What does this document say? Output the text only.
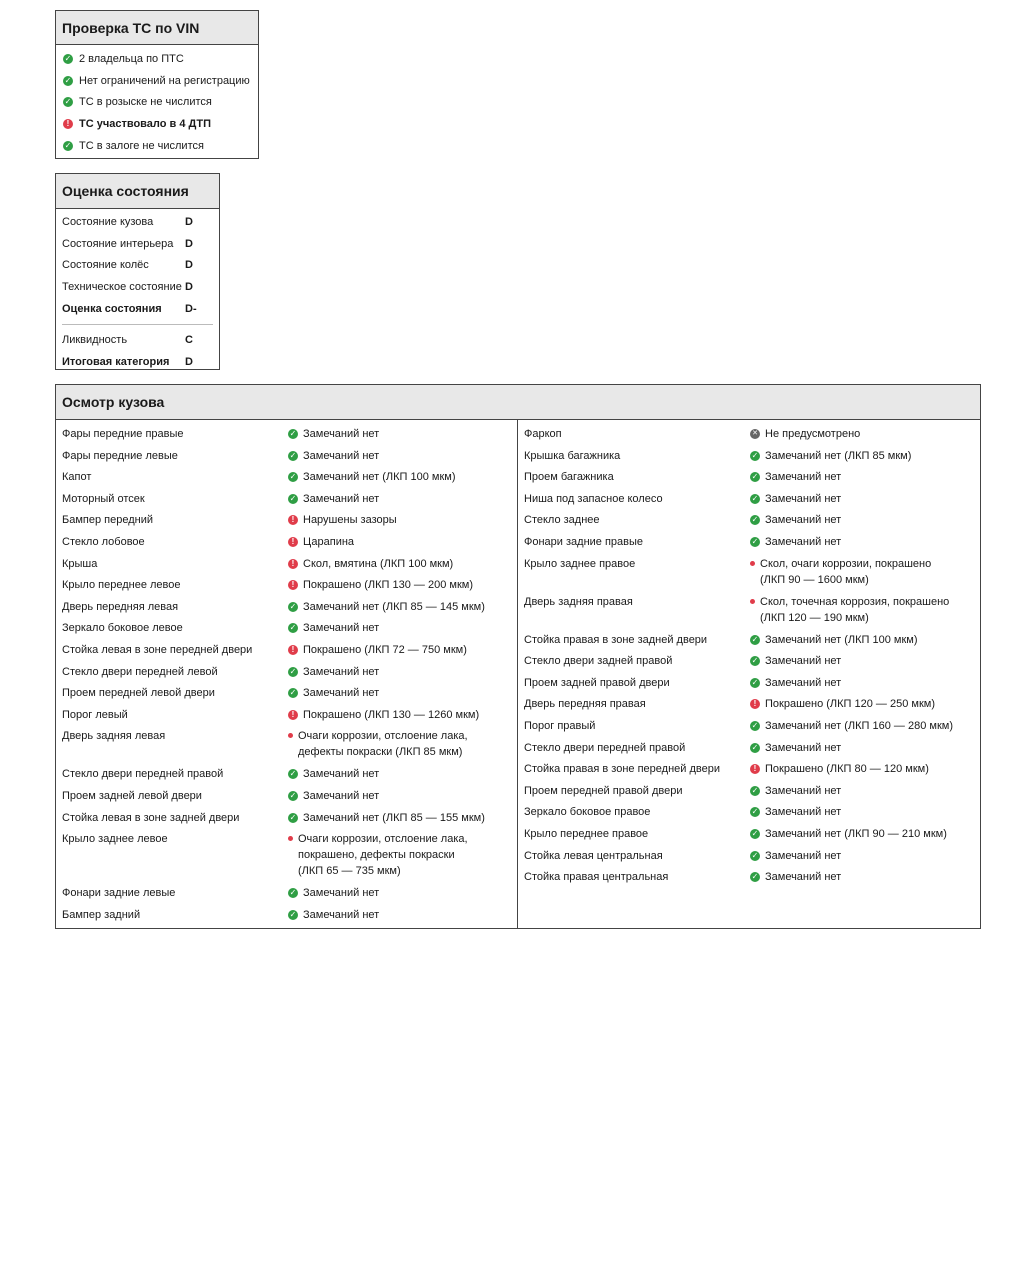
Проверка ТС по VIN
✓
2 владельца по ПТС
✓
Нет ограничений на регистрацию
✓
ТС в розыске не числится
!
ТС участвовало в 4 ДТП
✓
ТС в залоге не числится
Оценка состояния
Состояние кузова	D
Состояние интерьера	D
Состояние колёс	D
Техническое состояние D
Оценка состояния	D-
Ликвидность	C
Итоговая категория	D
Осмотр кузова
Фары передние правые ✓	Замечаний нет
Фары передние левые ✓	Замечаний нет
Капот ✓	Замечаний нет (ЛКП 100 мкм)
Моторный отсек ✓	Замечаний нет
Бампер передний !	Нарушены зазоры
Стекло лобовое !	Царапина
Крыша !	Скол, вмятина (ЛКП 100 мкм)
Крыло переднее левое !	Покрашено (ЛКП 130 — 200 мкм)
Дверь передняя левая ✓	Замечаний нет (ЛКП 85 — 145 мкм)
Зеркало боковое левое ✓	Замечаний нет
Стойка левая в зоне передней двери !	Покрашено (ЛКП 72 — 750 мкм)
Стекло двери передней левой ✓	Замечаний нет
Проем передней левой двери ✓	Замечаний нет
Порог левый !	Покрашено (ЛКП 130 — 1260 мкм)
Дверь задняя левая	Очаги коррозии, отслоение лака,
дефекты покраски (ЛКП 85 мкм)
Стекло двери передней правой ✓	Замечаний нет
Проем задней левой двери ✓	Замечаний нет
Стойка левая в зоне задней двери ✓	Замечаний нет (ЛКП 85 — 155 мкм)
Крыло заднее левое	Очаги коррозии, отслоение лака,
покрашено, дефекты покраски
(ЛКП 65 — 735 мкм)
Фонари задние левые ✓	Замечаний нет
Бампер задний ✓	Замечаний нет
Фаркоп ✕	Не предусмотрено
Крышка багажника ✓	Замечаний нет (ЛКП 85 мкм)
Проем багажника ✓	Замечаний нет
Ниша под запасное колесо ✓	Замечаний нет
Стекло заднее ✓	Замечаний нет
Фонари задние правые ✓	Замечаний нет
Крыло заднее правое	Скол, очаги коррозии, покрашено
(ЛКП 90 — 1600 мкм)
Дверь задняя правая	Скол, точечная коррозия, покрашено
(ЛКП 120 — 190 мкм)
Стойка правая в зоне задней двери ✓	Замечаний нет (ЛКП 100 мкм)
Стекло двери задней правой ✓	Замечаний нет
Проем задней правой двери ✓	Замечаний нет
Дверь передняя правая !	Покрашено (ЛКП 120 — 250 мкм)
Порог правый ✓	Замечаний нет (ЛКП 160 — 280 мкм)
Стекло двери передней правой ✓	Замечаний нет
Стойка правая в зоне передней двери !	Покрашено (ЛКП 80 — 120 мкм)
Проем передней правой двери ✓	Замечаний нет
Зеркало боковое правое ✓	Замечаний нет
Крыло переднее правое ✓	Замечаний нет (ЛКП 90 — 210 мкм)
Стойка левая центральная ✓	Замечаний нет
Стойка правая центральная ✓	Замечаний нет
